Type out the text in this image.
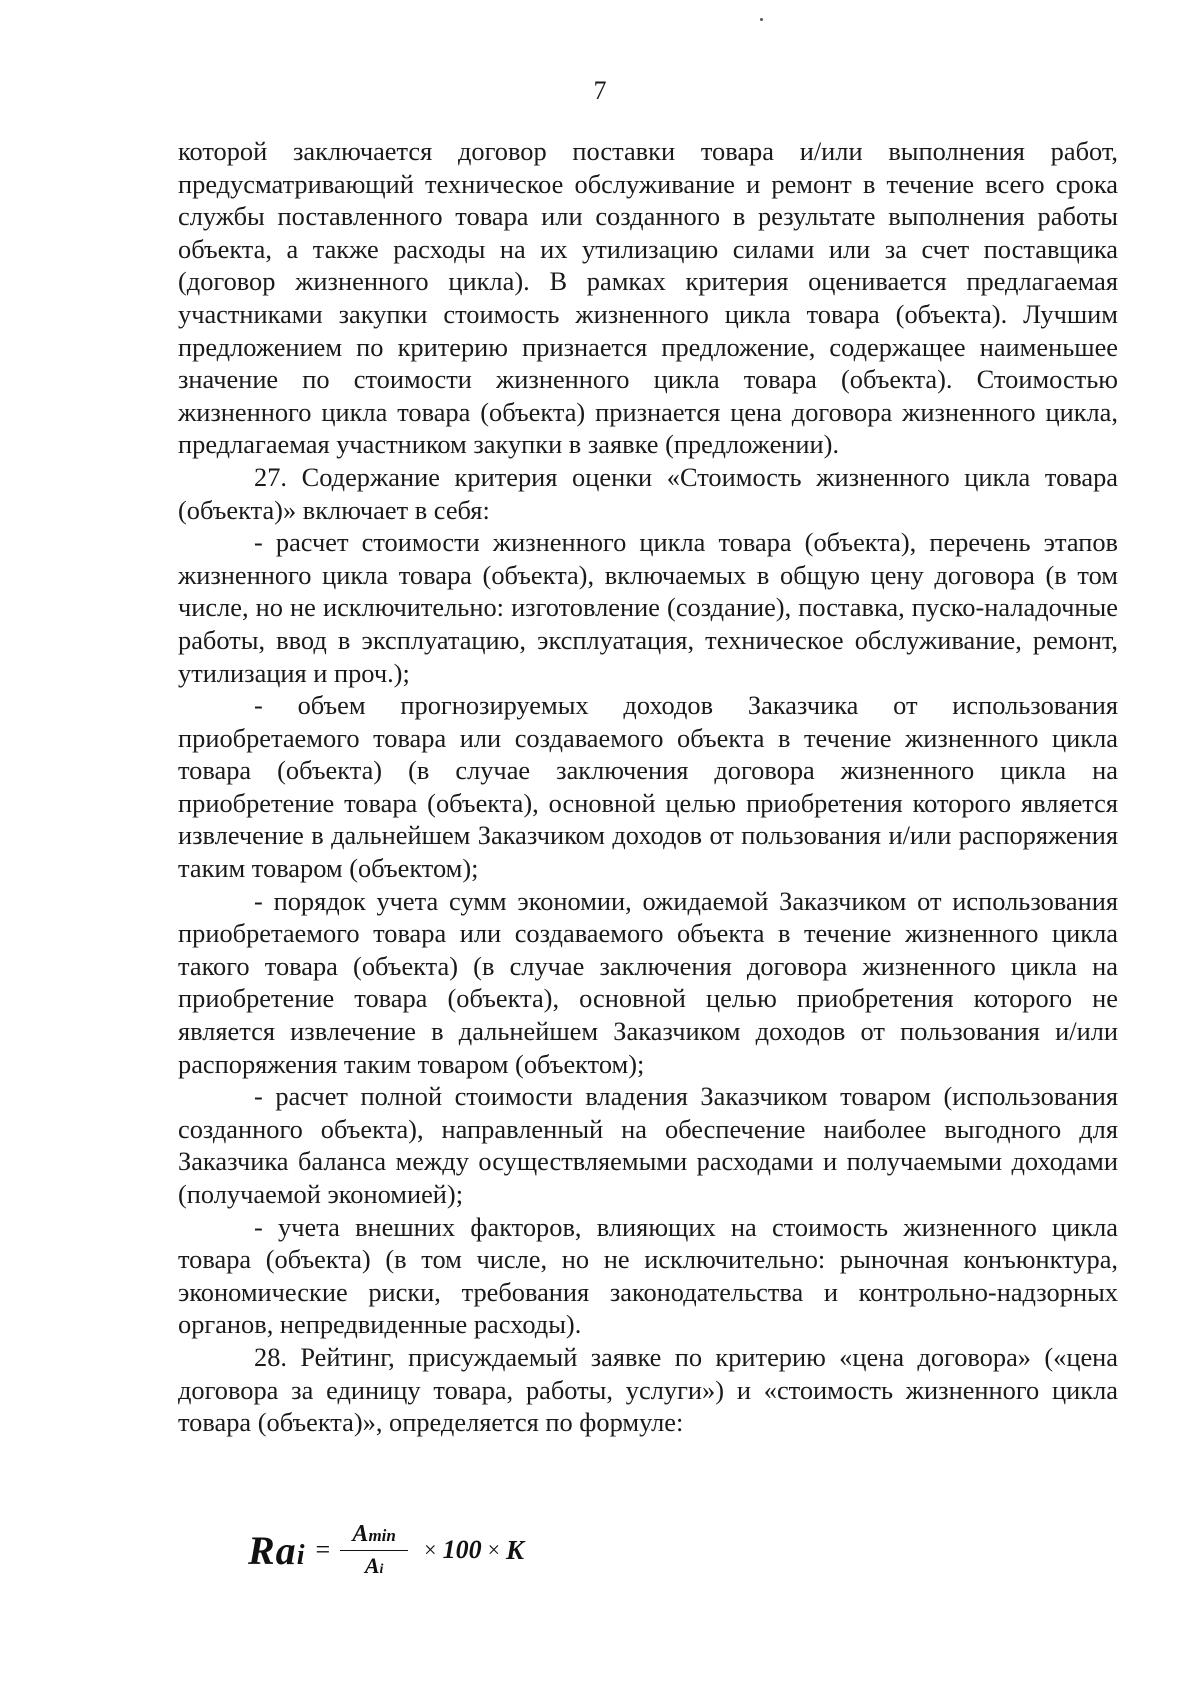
7

которой заключается договор поставки товара и/или выполнения работ, предусматривающий техническое обслуживание и ремонт в течение всего срока службы поставленного товара или созданного в результате выполнения работы объекта, а также расходы на их утилизацию силами или за счет поставщика (договор жизненного цикла). В рамках критерия оценивается предлагаемая участниками закупки стоимость жизненного цикла товара (объекта). Лучшим предложением по критерию признается предложение, содержащее наименьшее значение по стоимости жизненного цикла товара (объекта). Стоимостью жизненного цикла товара (объекта) признается цена договора жизненного цикла, предлагаемая участником закупки в заявке (предложении).

27. Содержание критерия оценки «Стоимость жизненного цикла товара (объекта)» включает в себя:

- расчет стоимости жизненного цикла товара (объекта), перечень этапов жизненного цикла товара (объекта), включаемых в общую цену договора (в том числе, но не исключительно: изготовление (создание), поставка, пуско-наладочные работы, ввод в эксплуатацию, эксплуатация, техническое обслуживание, ремонт, утилизация и проч.);

- объем прогнозируемых доходов Заказчика от использования приобретаемого товара или создаваемого объекта в течение жизненного цикла товара (объекта) (в случае заключения договора жизненного цикла на приобретение товара (объекта), основной целью приобретения которого является извлечение в дальнейшем Заказчиком доходов от пользования и/или распоряжения таким товаром (объектом);

- порядок учета сумм экономии, ожидаемой Заказчиком от использования приобретаемого товара или создаваемого объекта в течение жизненного цикла такого товара (объекта) (в случае заключения договора жизненного цикла на приобретение товара (объекта), основной целью приобретения которого не является извлечение в дальнейшем Заказчиком доходов от пользования и/или распоряжения таким товаром (объектом);

- расчет полной стоимости владения Заказчиком товаром (использования созданного объекта), направленный на обеспечение наиболее выгодного для Заказчика баланса между осуществляемыми расходами и получаемыми доходами (получаемой экономией);

- учета внешних факторов, влияющих на стоимость жизненного цикла товара (объекта) (в том числе, но не исключительно: рыночная конъюнктура, экономические риски, требования законодательства и контрольно-надзорных органов, непредвиденные расходы).

28. Рейтинг, присуждаемый заявке по критерию «цена договора» («цена договора за единицу товара, работы, услуги») и «стоимость жизненного цикла товара (объекта)», определяется по формуле:

Rai = $\frac{Amin}{Ai} \times 100 \times K$
